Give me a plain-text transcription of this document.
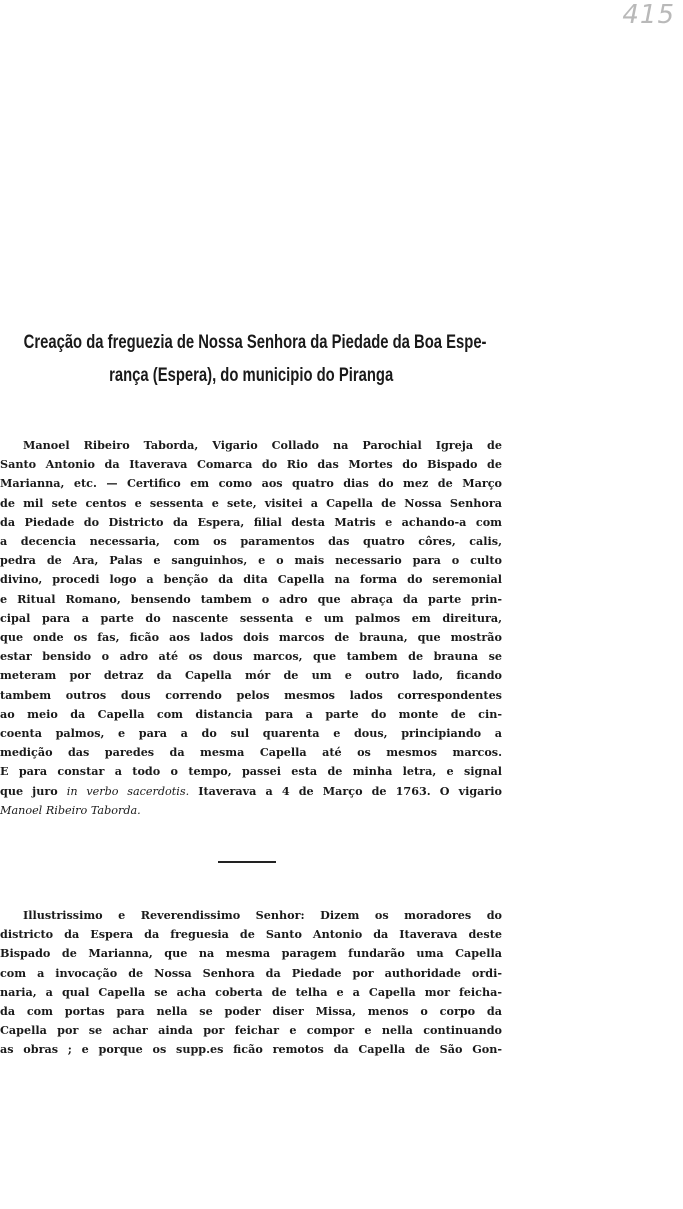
415
Creação da freguezia de Nossa Senhora da Piedade da Boa Espe-
rança (Espera), do municipio do Piranga
Manoel Ribeiro Taborda, Vigario Collado na Parochial Igreja de
Santo Antonio da Itaverava Comarca do Rio das Mortes do Bispado de
Marianna, etc. — Certifico em como aos quatro dias do mez de Março
de mil sete centos e sessenta e sete, visitei a Capella de Nossa Senhora
da Piedade do Districto da Espera, filial desta Matris e achando-a com
a decencia necessaria, com os paramentos das quatro côres, calis,
pedra de Ara, Palas e sanguinhos, e o mais necessario para o culto
divino, procedi logo a benção da dita Capella na forma do seremonial
e Ritual Romano, bensendo tambem o adro que abraça da parte prin-
cipal para a parte do nascente sessenta e um palmos em direitura,
que onde os fas, ficão aos lados dois marcos de brauna, que mostrão
estar bensido o adro até os dous marcos, que tambem de brauna se
meteram por detraz da Capella mór de um e outro lado, ficando
tambem outros dous correndo pelos mesmos lados correspondentes
ao meio da Capella com distancia para a parte do monte de cin-
coenta palmos, e para a do sul quarenta e dous, principiando a
medição das paredes da mesma Capella até os mesmos marcos.
E para constar a todo o tempo, passei esta de minha letra, e signal
que juro in verbo sacerdotis. Itaverava a 4 de Março de 1763. O vigario
Manoel Ribeiro Taborda.
Illustrissimo e Reverendissimo Senhor: Dizem os moradores do
districto da Espera da freguesia de Santo Antonio da Itaverava deste
Bispado de Marianna, que na mesma paragem fundarão uma Capella
com a invocação de Nossa Senhora da Piedade por authoridade ordi-
naria, a qual Capella se acha coberta de telha e a Capella mor feicha-
da com portas para nella se poder diser Missa, menos o corpo da
Capella por se achar ainda por feichar e compor e nella continuando
as obras ; e porque os supp.es ficão remotos da Capella de São Gon-
